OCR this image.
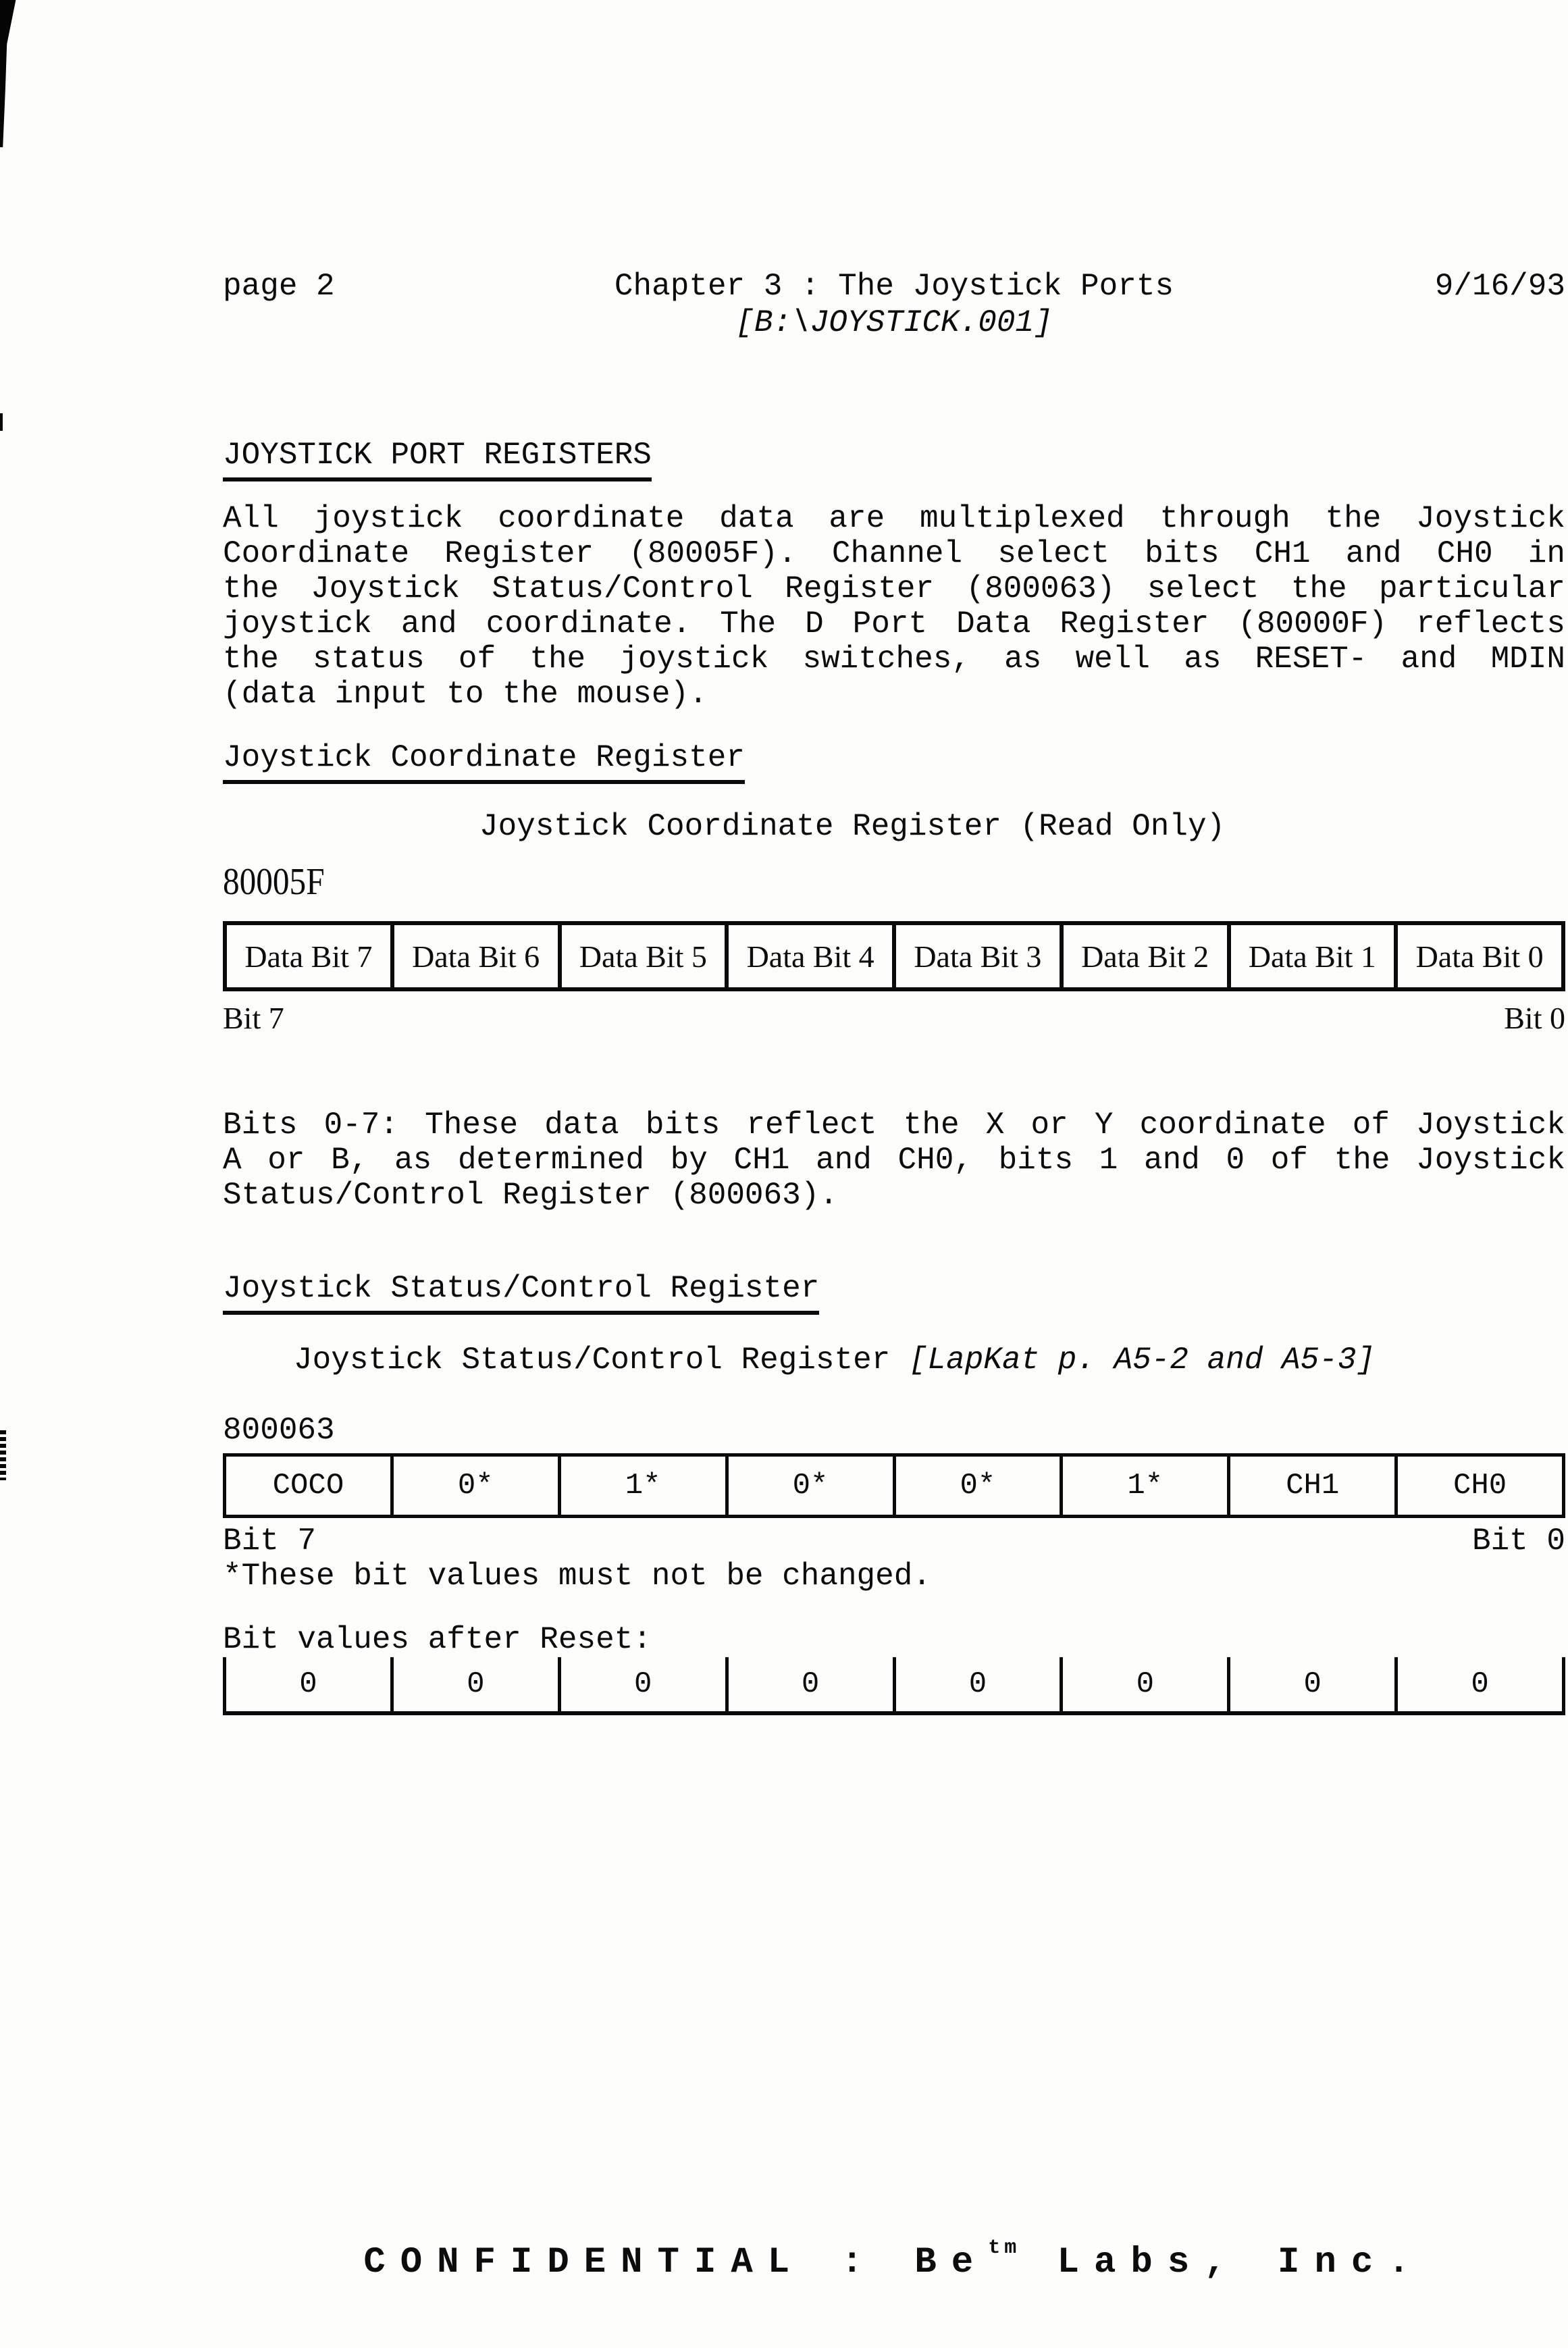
page 2	Chapter 3 : The Joystick Ports	9/16/93
[B:\JOYSTICK.001]
JOYSTICK PORT REGISTERS
All joystick coordinate data are multiplexed through the Joystick
Coordinate Register (80005F). Channel select bits CH1 and CH0 in
the Joystick Status/Control Register (800063) select the particular
joystick and coordinate. The D Port Data Register (80000F) reflects
the status of the joystick switches, as well as RESET- and MDIN
(data input to the mouse).
Joystick Coordinate Register
Joystick Coordinate Register (Read Only)
80005F
Data Bit 7	Data Bit 6	Data Bit 5	Data Bit 4	Data Bit 3	Data Bit 2	Data Bit 1	Data Bit 0
Bit 7	Bit 0
Bits 0-7: These data bits reflect the X or Y coordinate of Joystick
A or B, as determined by CH1 and CH0, bits 1 and 0 of the Joystick
Status/Control Register (800063).
Joystick Status/Control Register
Joystick Status/Control Register [LapKat p. A5-2 and A5-3]
800063
COCO	0*	1*	0*	0*	1*	CH1	CH0
Bit 7	Bit 0
*These bit values must not be changed.
Bit values after Reset:
0	0	0	0	0	0	0	0
CONFIDENTIAL : $Be^{tm}$ Labs, Inc.
